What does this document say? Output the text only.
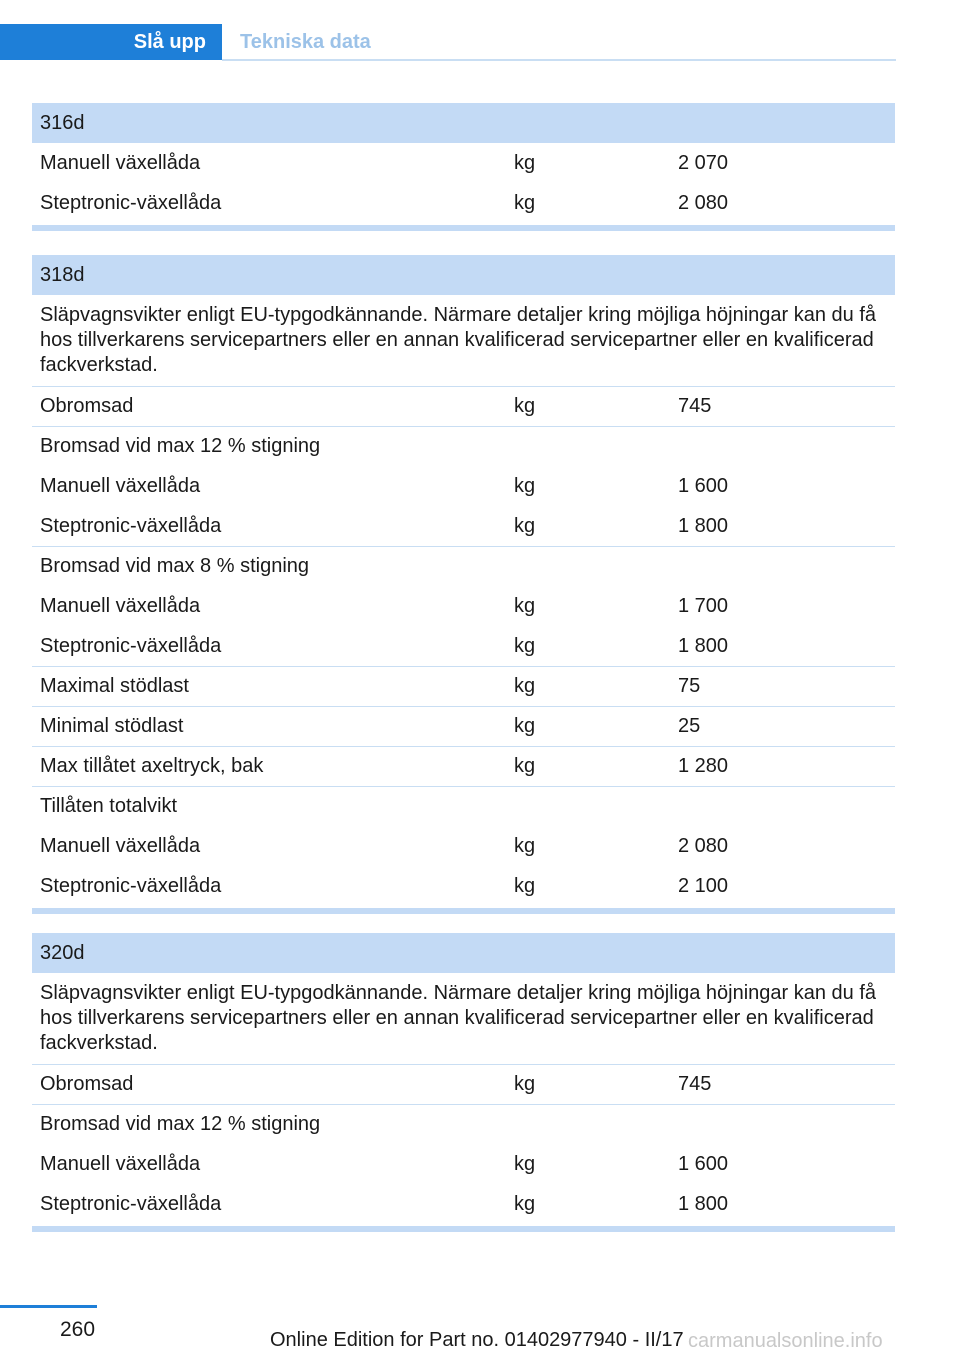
Slå upp	Tekniska data
316d
Manuell växellåda	kg	2 070
Steptronic-växellåda	kg	2 080
318d
Släpvagnsvikter enligt EU-typgodkännande. Närmare detaljer kring möjliga höjningar kan du få hos tillverkarens servicepartners eller en annan kvalificerad servicepartner eller en kvalificerad fackverkstad.
Obromsad	kg	745
Bromsad vid max 12 % stigning
Manuell växellåda	kg	1 600
Steptronic-växellåda	kg	1 800
Bromsad vid max 8 % stigning
Manuell växellåda	kg	1 700
Steptronic-växellåda	kg	1 800
Maximal stödlast	kg	75
Minimal stödlast	kg	25
Max tillåtet axeltryck, bak	kg	1 280
Tillåten totalvikt
Manuell växellåda	kg	2 080
Steptronic-växellåda	kg	2 100
320d
Släpvagnsvikter enligt EU-typgodkännande. Närmare detaljer kring möjliga höjningar kan du få hos tillverkarens servicepartners eller en annan kvalificerad servicepartner eller en kvalificerad fackverkstad.
Obromsad	kg	745
Bromsad vid max 12 % stigning
Manuell växellåda	kg	1 600
Steptronic-växellåda	kg	1 800
260	Online Edition for Part no. 01402977940 - II/17 carmanualsonline.info
